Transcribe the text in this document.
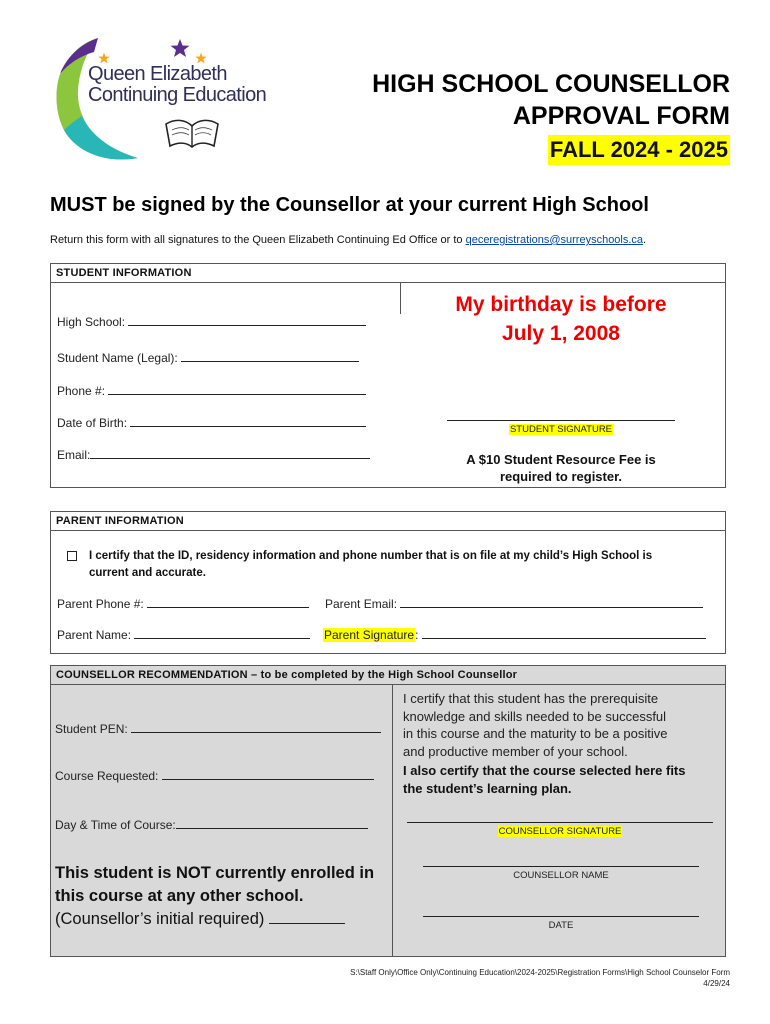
Queen Elizabeth
Continuing Education	HIGH SCHOOL COUNSELLOR
APPROVAL FORM
FALL 2024 - 2025
MUST be signed by the Counsellor at your current High School
Return this form with all signatures to the Queen Elizabeth Continuing Ed Office or to qeceregistrations@surreyschools.ca.
STUDENT INFORMATION
High School:
Student Name (Legal):
Phone #:
Date of Birth:
Email:
My birthday is before
July 1, 2008
STUDENT SIGNATURE
A $10 Student Resource Fee is
required to register.
PARENT INFORMATION
I certify that the ID, residency information and phone number that is on file at my child’s High School is
current and accurate.
Parent Phone #:	Parent Email:
Parent Name:	Parent Signature:
COUNSELLOR RECOMMENDATION – to be completed by the High School Counsellor
Student PEN:
Course Requested:
Day & Time of Course:
I certify that this student has the prerequisite
knowledge and skills needed to be successful
in this course and the maturity to be a positive
and productive member of your school.
I also certify that the course selected here fits
the student’s learning plan.
COUNSELLOR SIGNATURE
COUNSELLOR NAME
DATE
This student is NOT currently enrolled in
this course at any other school.
(Counsellor’s initial required)
S:\Staff Only\Office Only\Continuing Education\2024-2025\Registration Forms\High School Counselor Form
4/29/24
